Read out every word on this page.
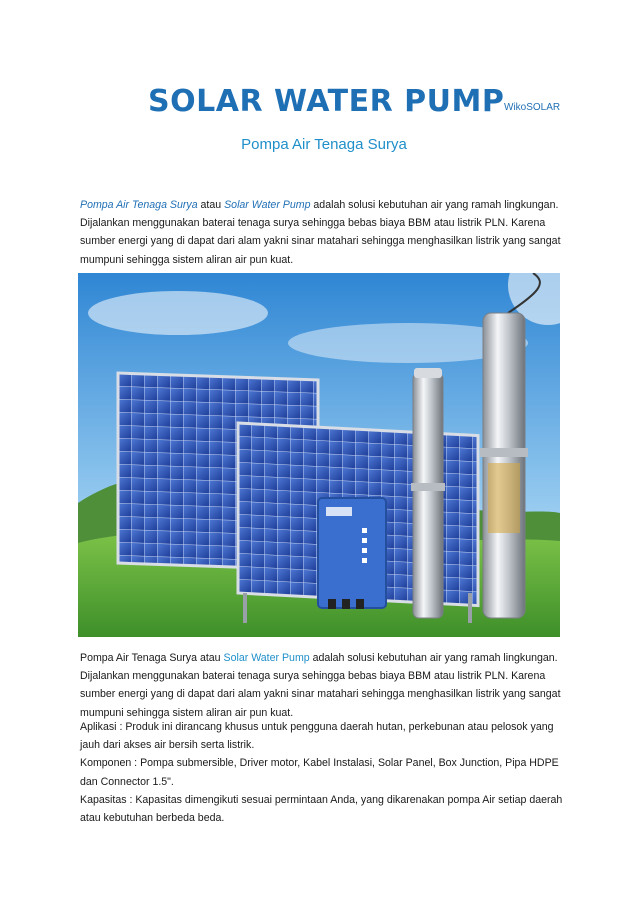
SOLAR WATER PUMP WikoSOLAR

Pompa Air Tenaga Surya

Pompa Air Tenaga Surya atau Solar Water Pump adalah solusi kebutuhan air yang ramah lingkungan. Dijalankan menggunakan baterai tenaga surya sehingga bebas biaya BBM atau listrik PLN. Karena sumber energi yang di dapat dari alam yakni sinar matahari sehingga menghasilkan listrik yang sangat mumpuni sehingga sistem aliran air pun kuat.

Pompa Air Tenaga Surya atau Solar Water Pump adalah solusi kebutuhan air yang ramah lingkungan. Dijalankan menggunakan baterai tenaga surya sehingga bebas biaya BBM atau listrik PLN. Karena sumber energi yang di dapat dari alam yakni sinar matahari sehingga menghasilkan listrik yang sangat mumpuni sehingga sistem aliran air pun kuat.

Aplikasi : Produk ini dirancang khusus untuk pengguna daerah hutan, perkebunan atau pelosok yang jauh dari akses air bersih serta listrik.
Komponen : Pompa submersible, Driver motor, Kabel Instalasi, Solar Panel, Box Junction, Pipa HDPE dan Connector 1.5".
Kapasitas : Kapasitas dimengikuti sesuai permintaan Anda, yang dikarenakan pompa Air setiap daerah atau kebutuhan berbeda beda.
